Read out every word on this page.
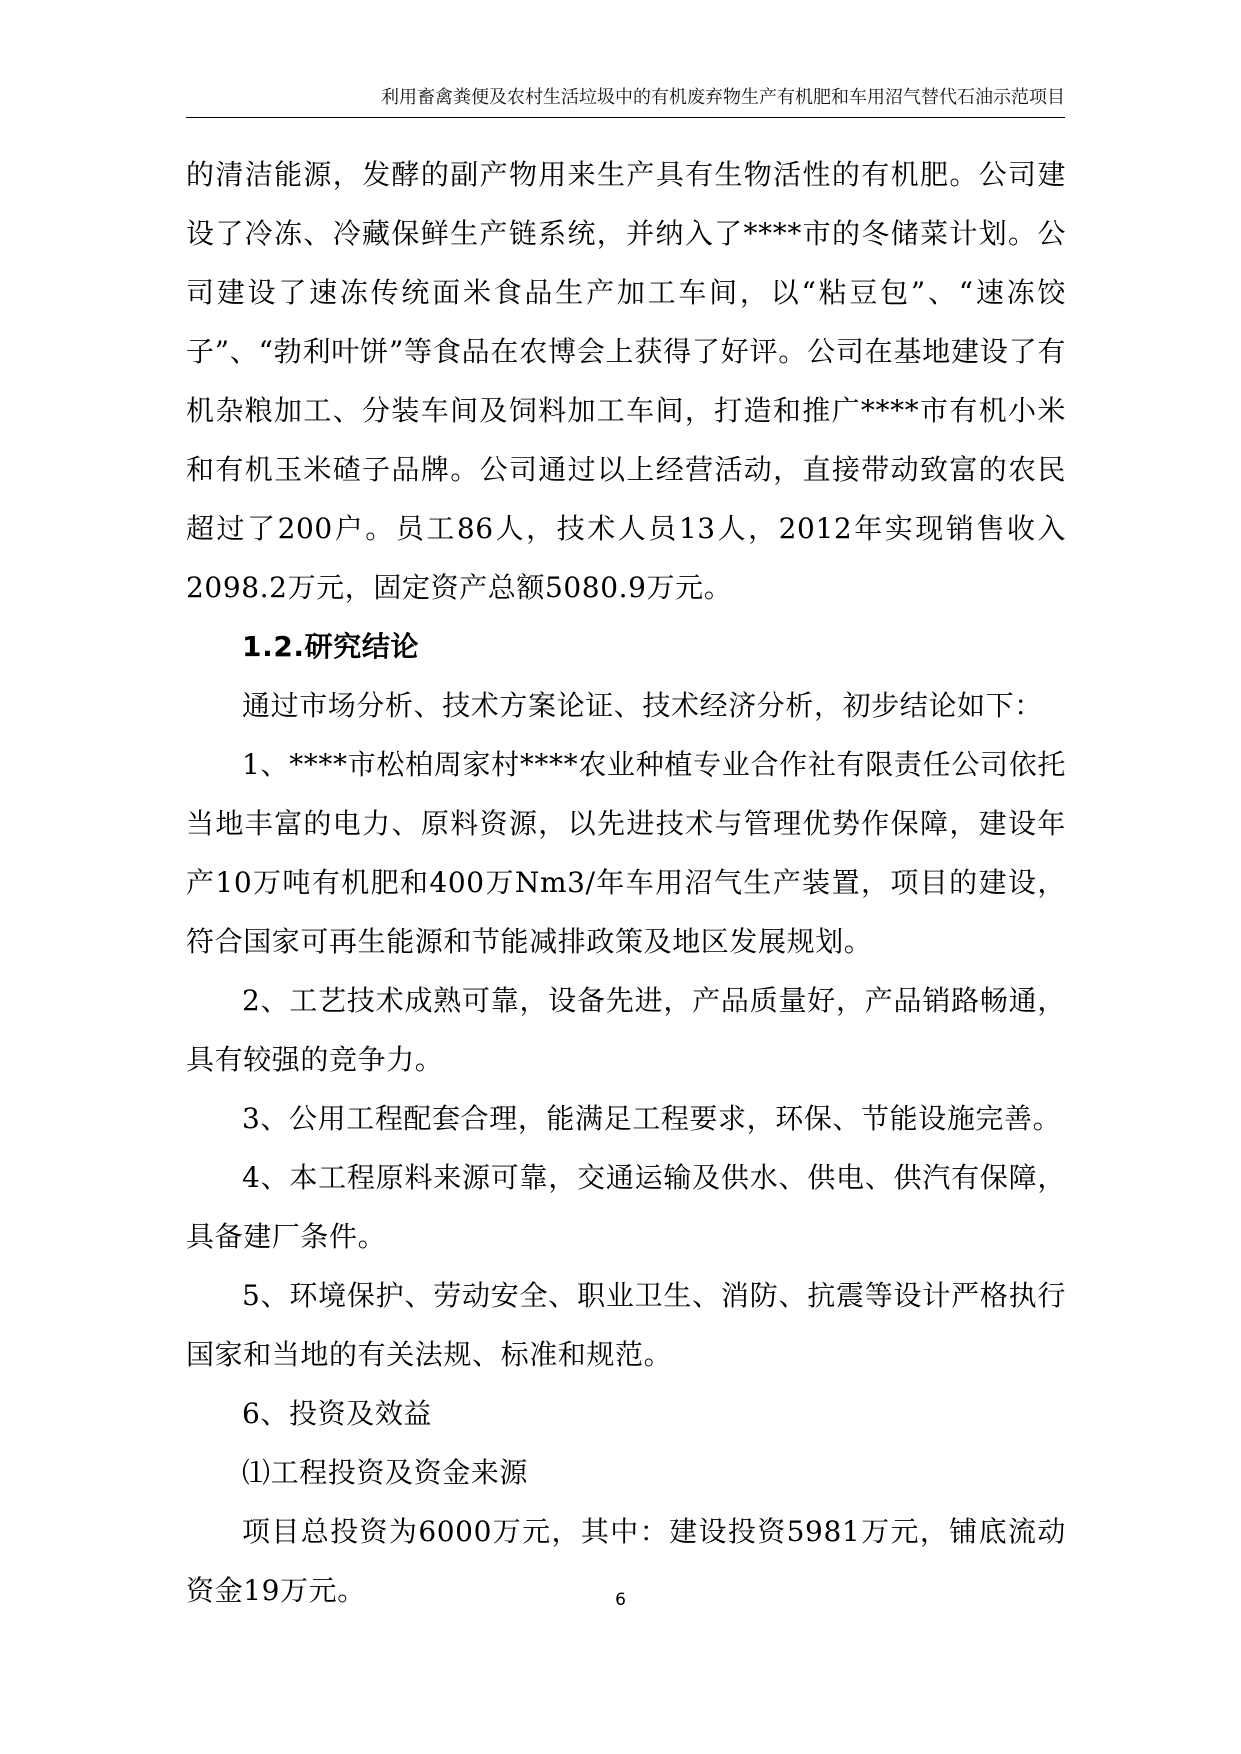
利用畜禽粪便及农村生活垃圾中的有机废弃物生产有机肥和车用沼气替代石油示范项目

的清洁能源，发酵的副产物用来生产具有生物活性的有机肥。公司建设了冷冻、冷藏保鲜生产链系统，并纳入了****市的冬储菜计划。公司建设了速冻传统面米食品生产加工车间，以“粘豆包”、“速冻饺子”、“勃利叶饼”等食品在农博会上获得了好评。公司在基地建设了有机杂粮加工、分装车间及饲料加工车间，打造和推广****市有机小米和有机玉米碴子品牌。公司通过以上经营活动，直接带动致富的农民超过了200户。员工86人，技术人员13人，2012年实现销售收入2098.2万元，固定资产总额5080.9万元。

1.2.研究结论

通过市场分析、技术方案论证、技术经济分析，初步结论如下：

1、****市松柏周家村****农业种植专业合作社有限责任公司依托当地丰富的电力、原料资源，以先进技术与管理优势作保障，建设年产10万吨有机肥和400万Nm3/年车用沼气生产装置，项目的建设，符合国家可再生能源和节能减排政策及地区发展规划。

2、工艺技术成熟可靠，设备先进，产品质量好，产品销路畅通，具有较强的竞争力。

3、公用工程配套合理，能满足工程要求，环保、节能设施完善。

4、本工程原料来源可靠，交通运输及供水、供电、供汽有保障，具备建厂条件。

5、环境保护、劳动安全、职业卫生、消防、抗震等设计严格执行国家和当地的有关法规、标准和规范。

6、投资及效益

⑴工程投资及资金来源

项目总投资为6000万元，其中：建设投资5981万元，铺底流动资金19万元。	6
